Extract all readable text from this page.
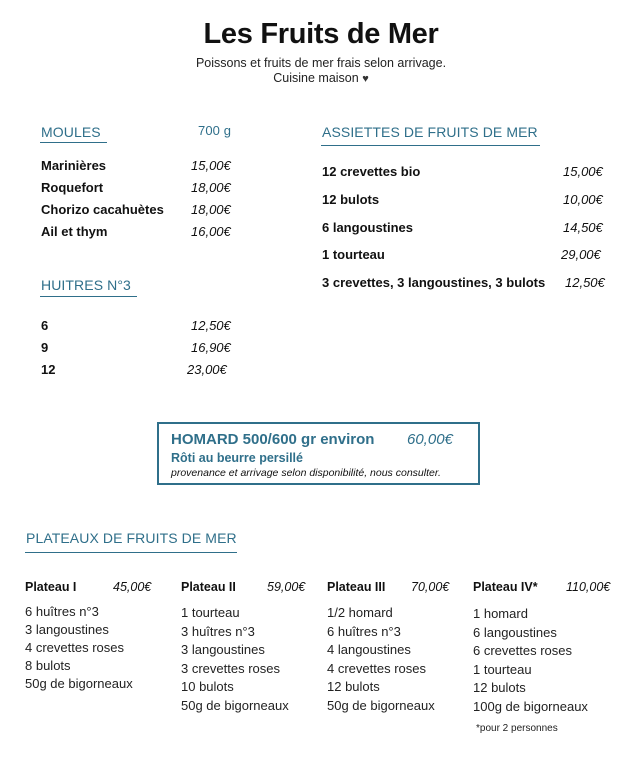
Les Fruits de Mer
Poissons et fruits de mer frais selon arrivage.
Cuisine maison ♥
MOULES	700 g
Marinières	15,00€
Roquefort	18,00€
Chorizo cacahuètes 18,00€
Ail et thym	16,00€
HUITRES N°3
6	12,50€
9	16,90€
12	23,00€
ASSIETTES DE FRUITS DE MER
12 crevettes bio	15,00€
12 bulots	10,00€
6 langoustines	14,50€
1 tourteau	29,00€
3 crevettes, 3 langoustines, 3 bulots 12,50€
HOMARD 500/600 gr environ 60,00€
Rôti au beurre persillé
provenance et arrivage selon disponibilité, nous consulter.
PLATEAUX DE FRUITS DE MER
Plateau I	45,00€
6 huîtres n°3
3 langoustines
4 crevettes roses
8 bulots
50g de bigorneaux
Plateau II 59,00€
1 tourteau
3 huîtres n°3
3 langoustines
3 crevettes roses
10 bulots
50g de bigorneaux
Plateau III 70,00€
1/2 homard
6 huîtres n°3
4 langoustines
4 crevettes roses
12 bulots
50g de bigorneaux
Plateau IV* 110,00€
1 homard
6 langoustines
6 crevettes roses
1 tourteau
12 bulots
100g de bigorneaux
*pour 2 personnes
